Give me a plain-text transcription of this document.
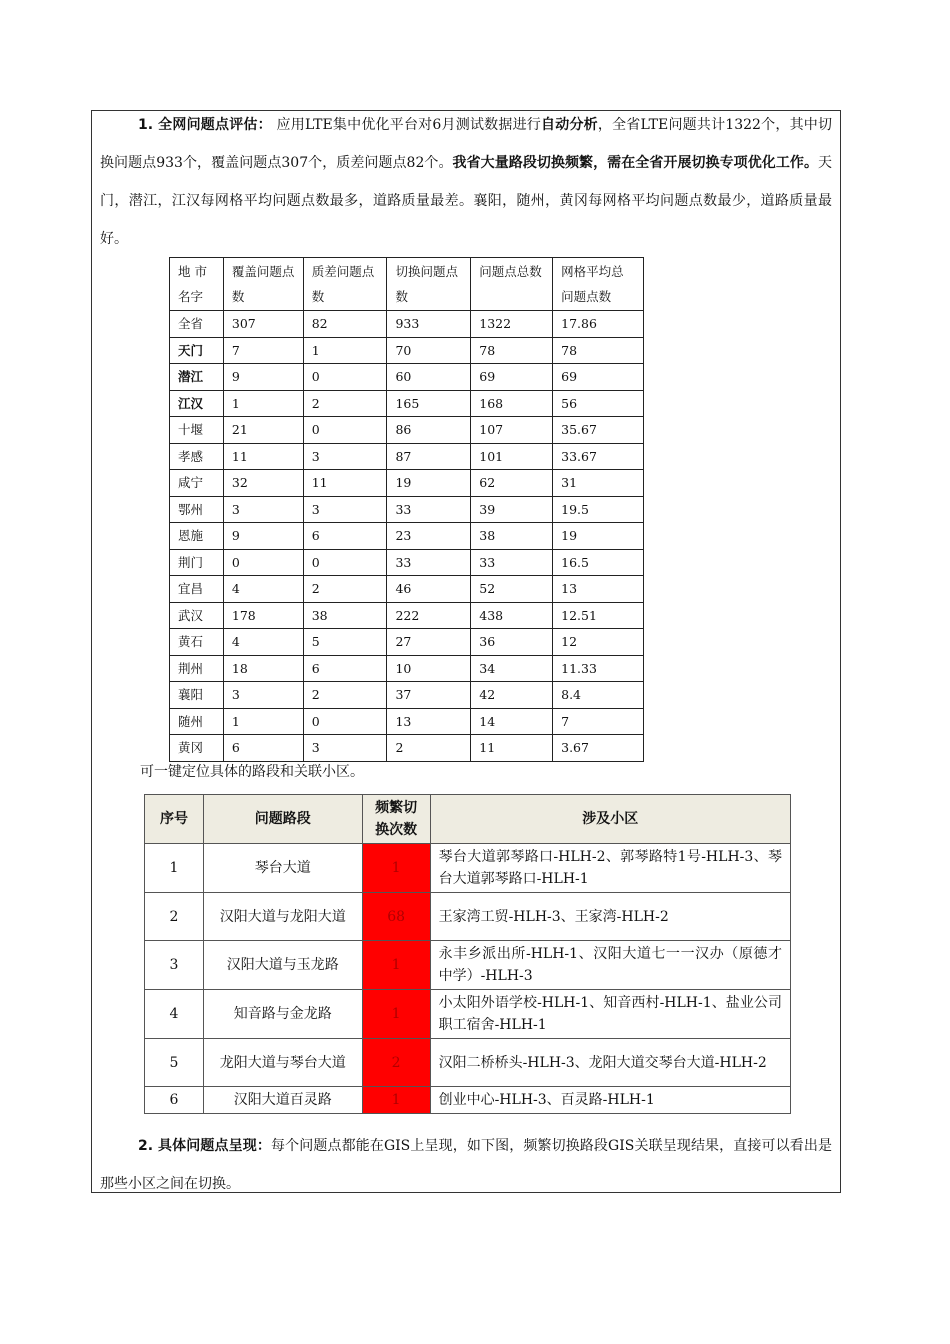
1. 全网问题点评估： 应用LTE集中优化平台对6月测试数据进行自动分析，全省LTE问题共计1322个，其中切换问题点933个，覆盖问题点307个，质差问题点82个。我省大量路段切换频繁，需在全省开展切换专项优化工作。天门，潜江，江汉每网格平均问题点数最多，道路质量最差。襄阳，随州，黄冈每网格平均问题点数最少，道路质量最好。

地 市名字	覆盖问题点数	质差问题点数	切换问题点数	问题点总数	网格平均总问题点数
全省	307	82	933	1322	17.86
天门	7	1	70	78	78
潜江	9	0	60	69	69
江汉	1	2	165	168	56
十堰	21	0	86	107	35.67
孝感	11	3	87	101	33.67
咸宁	32	11	19	62	31
鄂州	3	3	33	39	19.5
恩施	9	6	23	38	19
荆门	0	0	33	33	16.5
宜昌	4	2	46	52	13
武汉	178	38	222	438	12.51
黄石	4	5	27	36	12
荆州	18	6	10	34	11.33
襄阳	3	2	37	42	8.4
随州	1	0	13	14	7
黄冈	6	3	2	11	3.67

可一键定位具体的路段和关联小区。

序号	问题路段	频繁切换次数	涉及小区
1	琴台大道	1	琴台大道郭琴路口-HLH-2、郭琴路特1号-HLH-3、琴台大道郭琴路口-HLH-1
2	汉阳大道与龙阳大道	68	王家湾工贸-HLH-3、王家湾-HLH-2
3	汉阳大道与玉龙路	1	永丰乡派出所-HLH-1、汉阳大道七一一汉办（原德才中学）-HLH-3
4	知音路与金龙路	1	小太阳外语学校-HLH-1、知音西村-HLH-1、盐业公司职工宿舍-HLH-1
5	龙阳大道与琴台大道	2	汉阳二桥桥头-HLH-3、龙阳大道交琴台大道-HLH-2
6	汉阳大道百灵路	1	创业中心-HLH-3、百灵路-HLH-1

2. 具体问题点呈现：每个问题点都能在GIS上呈现，如下图，频繁切换路段GIS关联呈现结果，直接可以看出是那些小区之间在切换。
